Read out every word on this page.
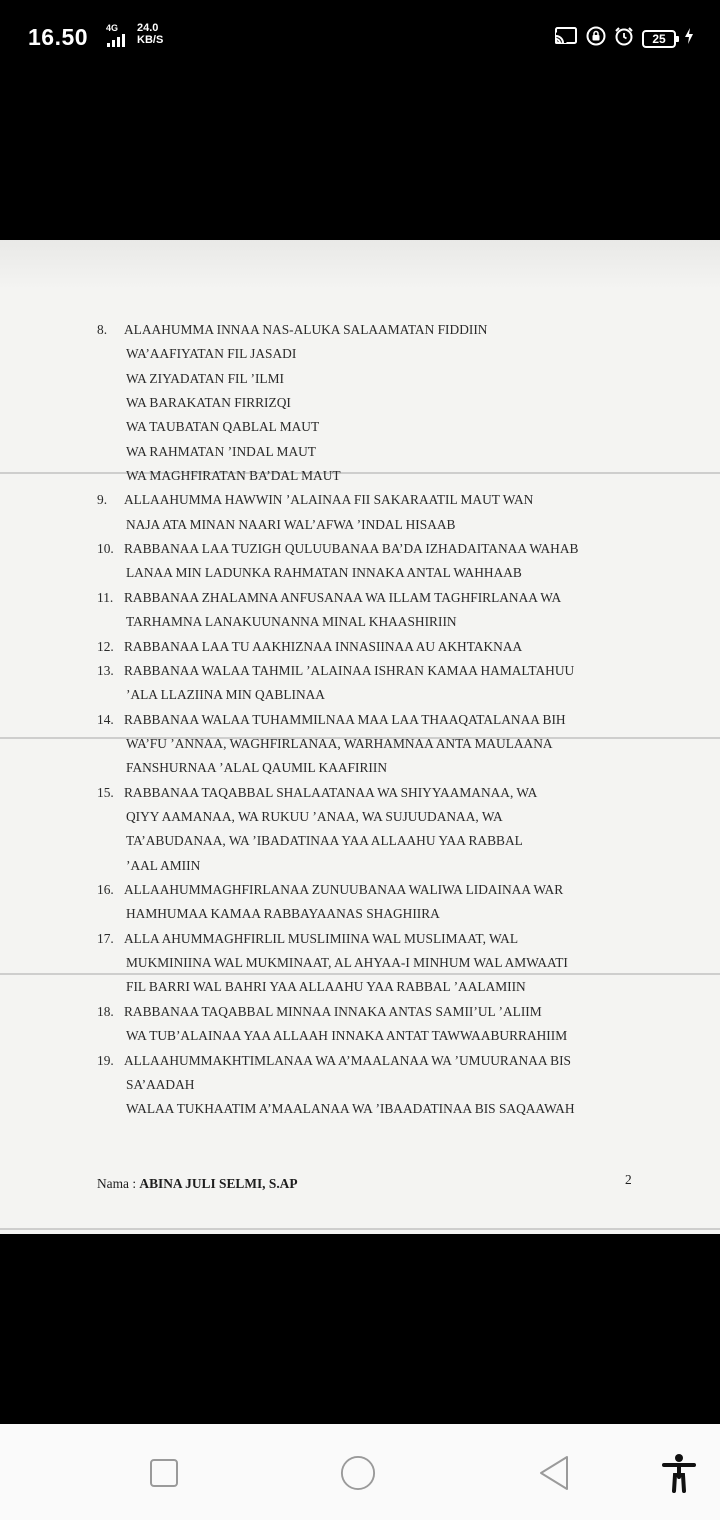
16.50 4G 24.0
KB/S	25
8. ALAAHUMMA INNAA NAS-ALUKA SALAAMATAN FIDDIIN
WA’AAFIYATAN FIL JASADI
WA ZIYADATAN FIL ’ILMI
WA BARAKATAN FIRRIZQI
WA TAUBATAN QABLAL MAUT
WA RAHMATAN ’INDAL MAUT
WA MAGHFIRATAN BA’DAL MAUT
9. ALLAAHUMMA HAWWIN ’ALAINAA FII SAKARAATIL MAUT WAN
NAJA ATA MINAN NAARI WAL’AFWA ’INDAL HISAAB
10. RABBANAA LAA TUZIGH QULUUBANAA BA’DA IZHADAITANAA WAHAB
LANAA MIN LADUNKA RAHMATAN INNAKA ANTAL WAHHAAB
11. RABBANAA ZHALAMNA ANFUSANAA WA ILLAM TAGHFIRLANAA WA
TARHAMNA LANAKUUNANNA MINAL KHAASHIRIIN
12. RABBANAA LAA TU AAKHIZNAA INNASIINAA AU AKHTAKNAA
13. RABBANAA WALAA TAHMIL ’ALAINAA ISHRAN KAMAA HAMALTAHUU
’ALA LLAZIINA MIN QABLINAA
14. RABBANAA WALAA TUHAMMILNAA MAA LAA THAAQATALANAA BIH
WA’FU ’ANNAA, WAGHFIRLANAA, WARHAMNAA ANTA MAULAANA
FANSHURNAA ’ALAL QAUMIL KAAFIRIIN
15. RABBANAA TAQABBAL SHALAATANAA WA SHIYYAAMANAA, WA
QIYY AAMANAA, WA RUKUU ’ANAA, WA SUJUUDANAA, WA
TA’ABUDANAA, WA ’IBADATINAA YAA ALLAAHU YAA RABBAL
’AAL AMIIN
16. ALLAAHUMMAGHFIRLANAA ZUNUUBANAA WALIWA LIDAINAA WAR
HAMHUMAA KAMAA RABBAYAANAS SHAGHIIRA
17. ALLA AHUMMAGHFIRLIL MUSLIMIINA WAL MUSLIMAAT, WAL
MUKMINIINA WAL MUKMINAAT, AL AHYAA-I MINHUM WAL AMWAATI
FIL BARRI WAL BAHRI YAA ALLAAHU YAA RABBAL ’AALAMIIN
18. RABBANAA TAQABBAL MINNAA INNAKA ANTAS SAMII’UL ’ALIIM
WA TUB’ALAINAA YAA ALLAAH INNAKA ANTAT TAWWAABURRAHIIM
19. ALLAAHUMMAKHTIMLANAA WA A’MAALANAA WA ’UMUURANAA BIS
SA’AADAH
WALAA TUKHAATIM A’MAALANAA WA ’IBAADATINAA BIS SAQAAWAH
Nama : ABINA JULI SELMI, S.AP	2
